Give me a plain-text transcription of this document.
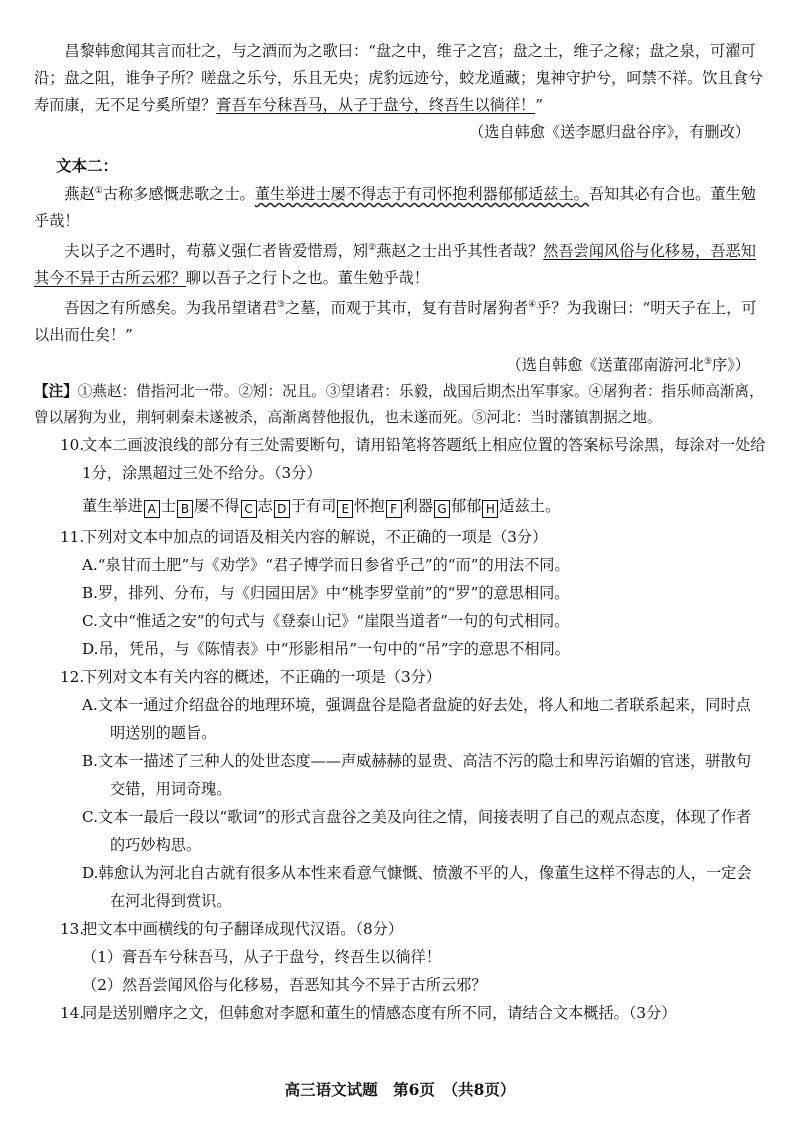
昌黎韩愈闻其言而壮之，与之酒而为之歌曰：“盘之中，维子之宫；盘之土，维子之稼；盘之泉，可濯可沿；盘之阻，谁争子所？嗟盘之乐兮，乐且无央；虎豹远迹兮，蛟龙遁藏；鬼神守护兮，呵禁不祥。饮且食兮寿而康，无不足兮奚所望？膏吾车兮秣吾马，从子于盘兮，终吾生以徜徉！”

（选自韩愈《送李愿归盘谷序》，有删改）

文本二：

燕赵①古称多感慨悲歌之士。董生举进士屡不得志于有司怀抱利器郁郁适兹土。吾知其必有合也。董生勉乎哉！

夫以子之不遇时，苟慕义强仁者皆爱惜焉，矧②燕赵之士出乎其性者哉？然吾尝闻风俗与化移易，吾恶知其今不异于古所云邪？聊以吾子之行卜之也。董生勉乎哉！

吾因之有所感矣。为我吊望诸君③之墓，而观于其市，复有昔时屠狗者④乎？为我谢曰：“明天子在上，可以出而仕矣！”

（选自韩愈《送董邵南游河北⑤序》）

【注】①燕赵：借指河北一带。②矧：况且。③望诸君：乐毅，战国后期杰出军事家。④屠狗者：指乐师高渐离，曾以屠狗为业，荆轲刺秦未遂被杀，高渐离替他报仇，也未遂而死。⑤河北：当时藩镇割据之地。

10.文本二画波浪线的部分有三处需要断句，请用铅笔将答题纸上相应位置的答案标号涂黑，每涂对一处给1分，涂黑超过三处不给分。（3分）

董生举进 A 士 B 屡不得 C 志 D 于有司 E 怀抱 F 利器 G 郁郁 H 适兹土。

11.下列对文本中加点的词语及相关内容的解说，不正确的一项是（3分）

A.“泉甘而土肥”与《劝学》“君子博学而日参省乎己”的“而”的用法不同。

B.罗，排列、分布，与《归园田居》中“桃李罗堂前”的“罗”的意思相同。

C.文中“惟适之安”的句式与《登泰山记》“崖限当道者”一句的句式相同。

D.吊，凭吊，与《陈情表》中“形影相吊”一句中的“吊”字的意思不相同。

12.下列对文本有关内容的概述，不正确的一项是（3分）

A.文本一通过介绍盘谷的地理环境，强调盘谷是隐者盘旋的好去处，将人和地二者联系起来，同时点明送别的题旨。

B.文本一描述了三种人的处世态度——声威赫赫的显贵、高洁不污的隐士和卑污谄媚的官迷，骈散句交错，用词奇瑰。

C.文本一最后一段以“歌词”的形式言盘谷之美及向往之情，间接表明了自己的观点态度，体现了作者的巧妙构思。

D.韩愈认为河北自古就有很多从本性来看意气慷慨、愤激不平的人，像董生这样不得志的人，一定会在河北得到赏识。

13.把文本中画横线的句子翻译成现代汉语。（8分）

（1）膏吾车兮秣吾马，从子于盘兮，终吾生以徜徉！

（2）然吾尝闻风俗与化移易，吾恶知其今不异于古所云邪？

14.同是送别赠序之文，但韩愈对李愿和董生的情感态度有所不同，请结合文本概括。（3分）

高三语文试题　第6页　（共8页）
